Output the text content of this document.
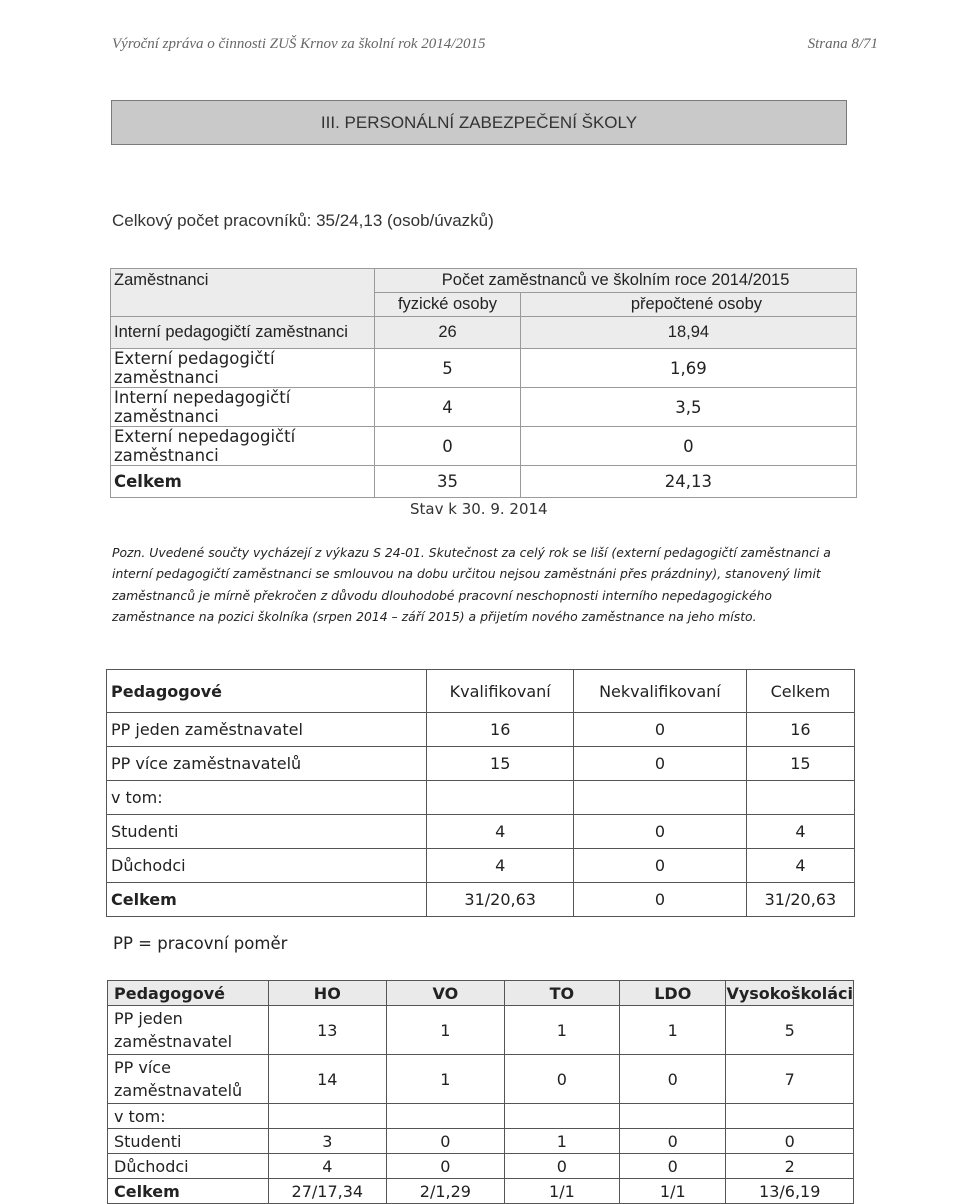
Výroční zpráva o činnosti ZUŠ Krnov za školní rok 2014/2015	Strana 8/71
III. PERSONÁLNÍ ZABEZPEČENÍ ŠKOLY
Celkový počet pracovníků: 35/24,13 (osob/úvazků)
Zaměstnanci	Počet zaměstnanců ve školním roce 2014/2015	
	fyzické osoby	přepočtené osoby
Interní pedagogičtí zaměstnanci	26	18,94
Externí pedagogičtí zaměstnanci	5	1,69
Interní nepedagogičtí zaměstnanci	4	3,5
Externí nepedagogičtí zaměstnanci	0	0
Celkem	35	24,13
Stav k 30. 9. 2014
Pozn. Uvedené součty vycházejí z výkazu S 24-01. Skutečnost za celý rok se liší (externí pedagogičtí zaměstnanci a interní pedagogičtí zaměstnanci se smlouvou na dobu určitou nejsou zaměstnáni přes prázdniny), stanovený limit zaměstnanců je mírně překročen z důvodu dlouhodobé pracovní neschopnosti interního nepedagogického zaměstnance na pozici školníka (srpen 2014 – září 2015) a přijetím nového zaměstnance na jeho místo.
Pedagogové	Kvalifikovaní	Nekvalifikovaní	Celkem
PP jeden zaměstnavatel	16	0	16
PP více zaměstnavatelů	15	0	15
v tom:			
Studenti	4	0	4
Důchodci	4	0	4
Celkem	31/20,63	0	31/20,63
PP = pracovní poměr
Pedagogové	HO	VO	TO	LDO	Vysokoškoláci
PP jeden zaměstnavatel	13	1	1	1	5
PP více zaměstnavatelů	14	1	0	0	7
v tom:					
Studenti	3	0	1	0	0
Důchodci	4	0	0	0	2
Celkem	27/17,34	2/1,29	1/1	1/1	13/6,19
